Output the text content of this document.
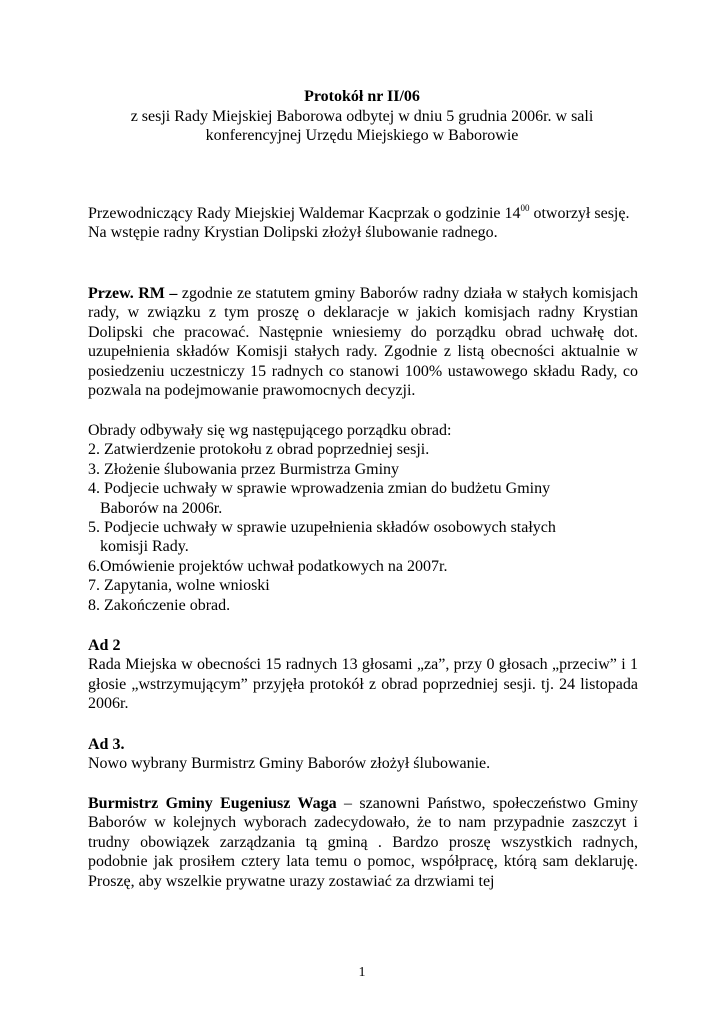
Protokół nr II/06
z sesji Rady Miejskiej Baborowa odbytej w dniu 5 grudnia 2006r. w sali
konferencyjnej Urzędu Miejskiego w Baborowie

Przewodniczący Rady Miejskiej Waldemar Kacprzak o godzinie $14^{00}$ otworzył sesję.

Na wstępie radny Krystian Dolipski złożył ślubowanie radnego.

Przew. RM – zgodnie ze statutem gminy Baborów radny działa w stałych komisjach rady, w związku z tym proszę o deklaracje w jakich komisjach radny Krystian Dolipski che pracować. Następnie wniesiemy do porządku obrad uchwałę dot. uzupełnienia składów Komisji stałych rady. Zgodnie z listą obecności aktualnie w posiedzeniu uczestniczy 15 radnych co stanowi 100% ustawowego składu Rady, co pozwala na podejmowanie prawomocnych decyzji.

Obrady odbywały się wg następującego porządku obrad:

2. Zatwierdzenie protokołu z obrad poprzedniej sesji.

3. Złożenie ślubowania przez Burmistrza Gminy

4. Podjecie uchwały w sprawie wprowadzenia zmian do budżetu Gminy

Baborów na 2006r.

5. Podjecie uchwały w sprawie uzupełnienia składów osobowych stałych

komisji Rady.

6.Omówienie projektów uchwał podatkowych na 2007r.

7. Zapytania, wolne wnioski

8. Zakończenie obrad.

Ad 2

Rada Miejska w obecności 15 radnych 13 głosami „za”, przy 0 głosach „przeciw” i 1 głosie „wstrzymującym” przyjęła protokół z obrad poprzedniej sesji. tj. 24 listopada 2006r.

Ad 3.

Nowo wybrany Burmistrz Gminy Baborów złożył ślubowanie.

Burmistrz Gminy Eugeniusz Waga – szanowni Państwo, społeczeństwo Gminy Baborów w kolejnych wyborach zadecydowało, że to nam przypadnie zaszczyt i trudny obowiązek zarządzania tą gminą . Bardzo proszę wszystkich radnych, podobnie jak prosiłem cztery lata temu o pomoc, współpracę, którą sam deklaruję. Proszę, aby wszelkie prywatne urazy zostawiać za drzwiami tej

1
